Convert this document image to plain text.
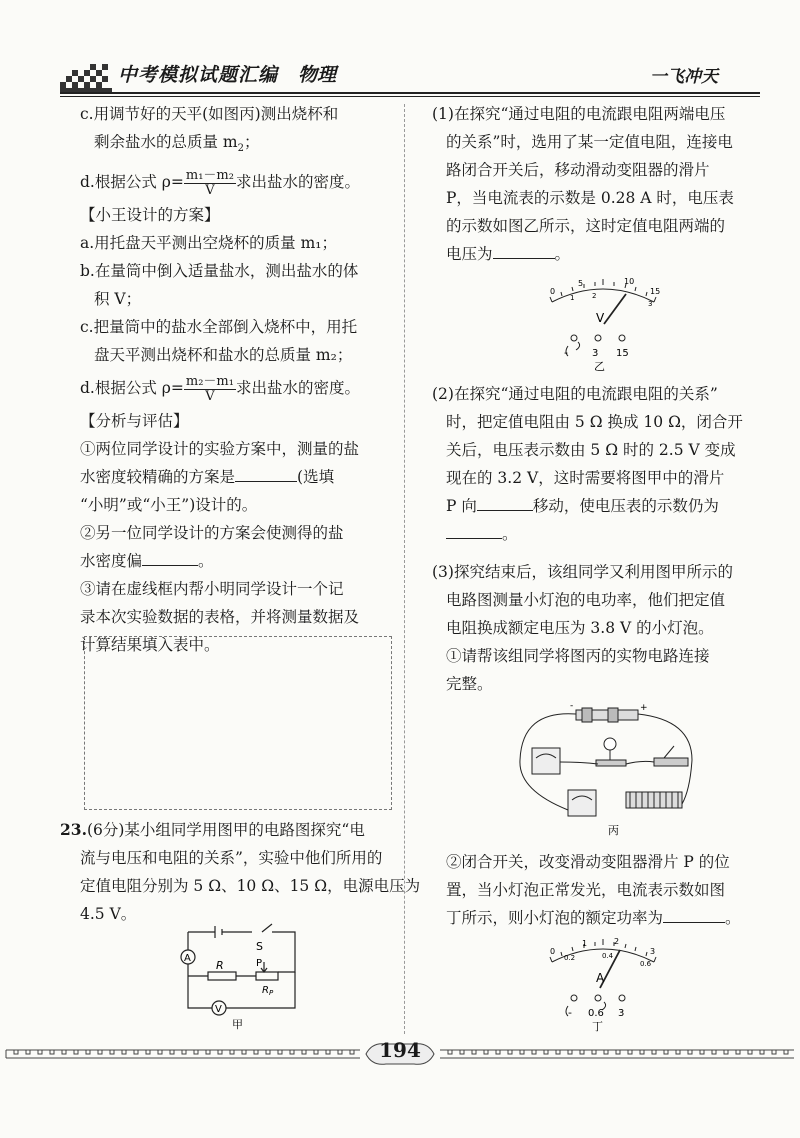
中考模拟试题汇编 物理	一飞冲天
c.用调节好的天平(如图丙)测出烧杯和
剩余盐水的总质量 $m_2$；
d.根据公式 $\rho= \frac{\text{m₁－m₂}}{V}$ 求出盐水的密度。
【小王设计的方案】
a.用托盘天平测出空烧杯的质量 m₁；
b.在量筒中倒入适量盐水，测出盐水的体
积 V；
c.把量筒中的盐水全部倒入烧杯中，用托
盘天平测出烧杯和盐水的总质量 m₂；
d.根据公式 $\rho= \frac{\text{m₂－m₁}}{V}$ 求出盐水的密度。
【分析与评估】
①两位同学设计的实验方案中，测量的盐
水密度较精确的方案是	(选填
“小明”或“小王”)设计的。
②另一位同学设计的方案会使测得的盐
水密度偏	。
③请在虚线框内帮小明同学设计一个记
录本次实验数据的表格，并将测量数据及
计算结果填入表中。
23.(6分)某小组同学用图甲的电路图探究“电
流与电压和电阻的关系”，实验中他们所用的
定值电阻分别为 5 Ω、10 Ω、15 Ω，电源电压为
4.5 V。
A
V
R
S
P
$R_P$
甲
(1)在探究“通过电阻的电流跟电阻两端电压
的关系”时，选用了某一定值电阻，连接电
路闭合开关后，移动滑动变阻器的滑片
P，当电流表的示数是 0.28 A 时，电压表
的示数如图乙所示，这时定值电阻两端的
电压为	。
5	10
15
0
1	2
3
V
- 3 15
乙
(2)在探究“通过电阻的电流跟电阻的关系”
时，把定值电阻由 5 Ω 换成 10 Ω，闭合开
关后，电压表示数由 5 Ω 时的 2.5 V 变成
现在的 3.2 V，这时需要将图甲中的滑片
P 向	移动，使电压表的示数仍为
。
(3)探究结束后，该组同学又利用图甲所示的
电路图测量小灯泡的电功率，他们把定值
电阻换成额定电压为 3.8 V 的小灯泡。
①请帮该组同学将图丙的实物电路连接
完整。
-	+
丙
②闭合开关，改变滑动变阻器滑片 P 的位
置，当小灯泡正常发光，电流表示数如图
丁所示，则小灯泡的额定功率为	。
0
1	2
3
0.2	0.4
0.6
A
- 0.6 3
丁
194
